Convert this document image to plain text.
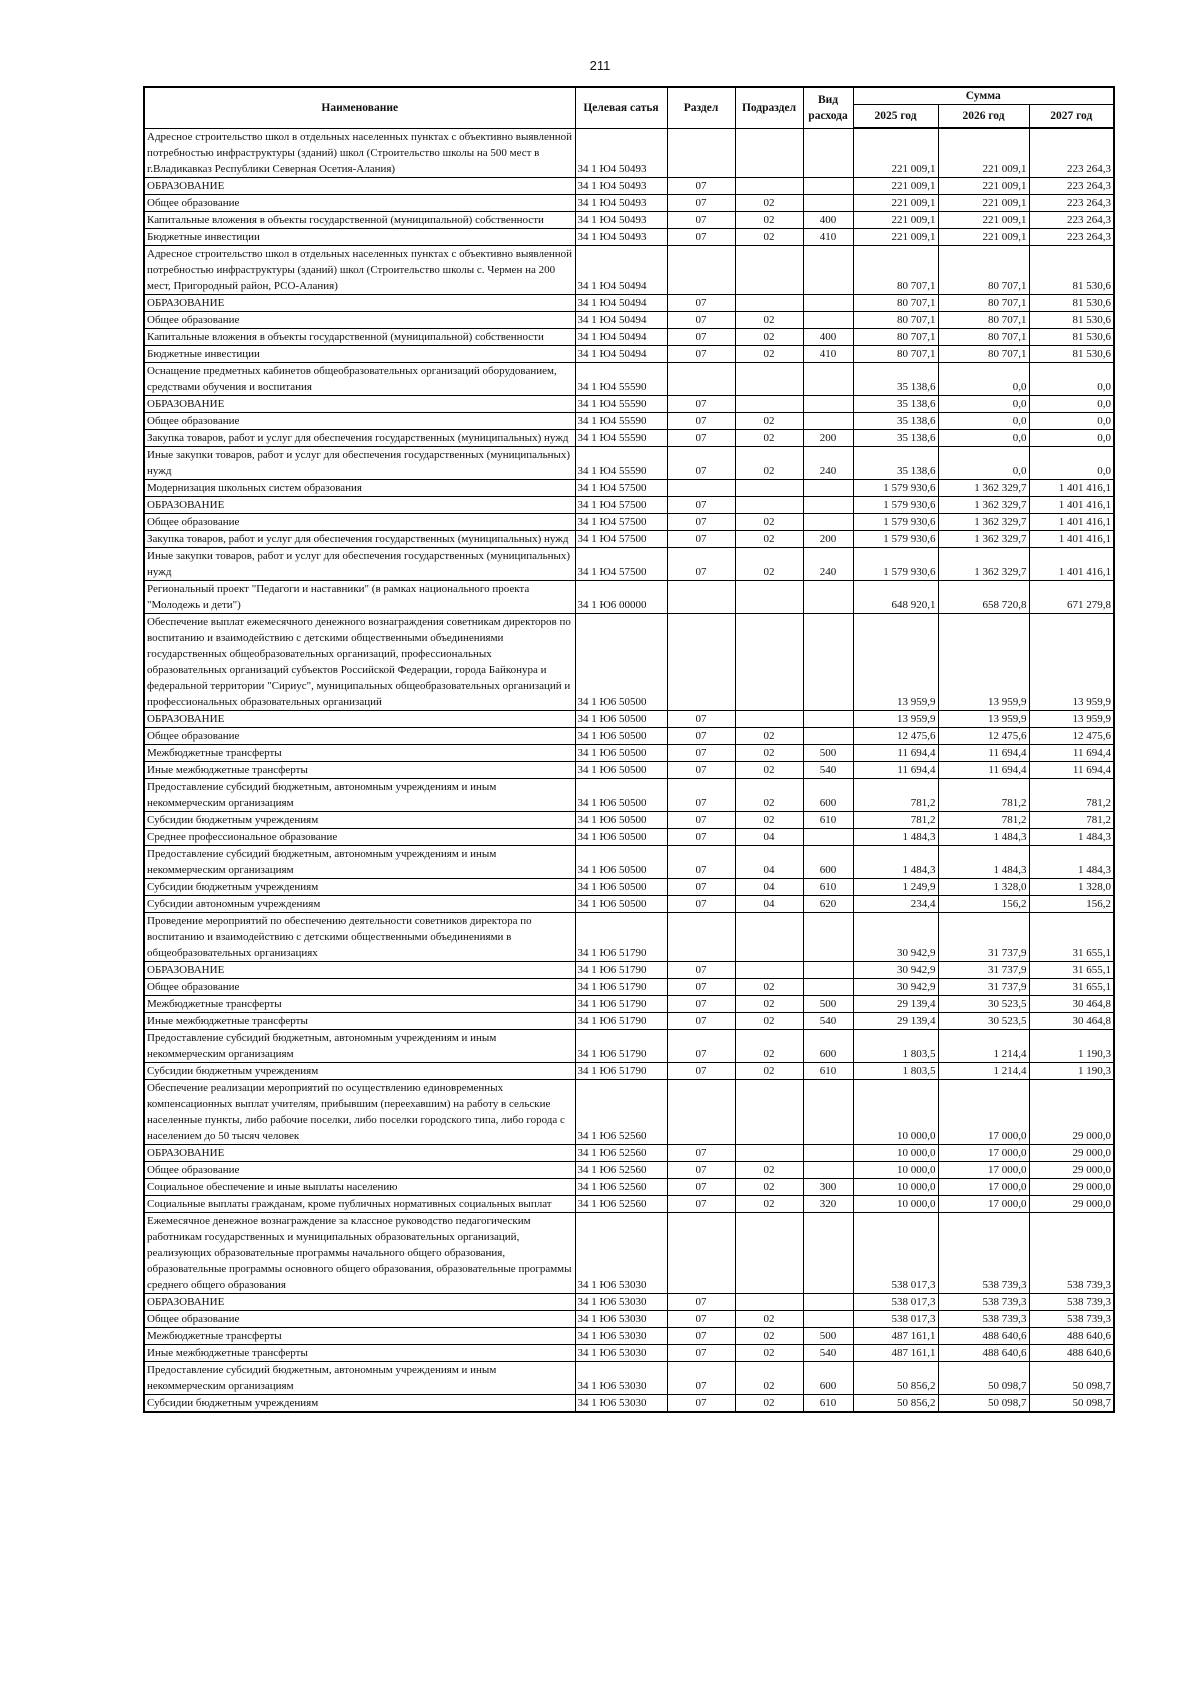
211
Наименование	Целевая сатья	Раздел	Подраздел	Вид расхода	Сумма		
					2025 год	2026 год	2027 год
Адресное строительство школ в отдельных населенных пунктах с объективно выявленной потребностью инфраструктуры (зданий) школ (Строительство школы на 500 мест в г.Владикавказ Республики Северная Осетия-Алания)	34 1 Ю4 50493				221 009,1	221 009,1	223 264,3
ОБРАЗОВАНИЕ	34 1 Ю4 50493	07			221 009,1	221 009,1	223 264,3
Общее образование	34 1 Ю4 50493	07	02		221 009,1	221 009,1	223 264,3
Капитальные вложения в объекты государственной (муниципальной) собственности	34 1 Ю4 50493	07	02	400	221 009,1	221 009,1	223 264,3
Бюджетные инвестиции	34 1 Ю4 50493	07	02	410	221 009,1	221 009,1	223 264,3
Адресное строительство школ в отдельных населенных пунктах с объективно выявленной потребностью инфраструктуры (зданий) школ (Строительство школы с. Чермен на 200 мест, Пригородный район, РСО-Алания)	34 1 Ю4 50494				80 707,1	80 707,1	81 530,6
ОБРАЗОВАНИЕ	34 1 Ю4 50494	07			80 707,1	80 707,1	81 530,6
Общее образование	34 1 Ю4 50494	07	02		80 707,1	80 707,1	81 530,6
Капитальные вложения в объекты государственной (муниципальной) собственности	34 1 Ю4 50494	07	02	400	80 707,1	80 707,1	81 530,6
Бюджетные инвестиции	34 1 Ю4 50494	07	02	410	80 707,1	80 707,1	81 530,6
Оснащение предметных кабинетов общеобразовательных организаций оборудованием, средствами обучения и воспитания	34 1 Ю4 55590				35 138,6	0,0	0,0
ОБРАЗОВАНИЕ	34 1 Ю4 55590	07			35 138,6	0,0	0,0
Общее образование	34 1 Ю4 55590	07	02		35 138,6	0,0	0,0
Закупка товаров, работ и услуг для обеспечения государственных (муниципальных) нужд	34 1 Ю4 55590	07	02	200	35 138,6	0,0	0,0
Иные закупки товаров, работ и услуг для обеспечения государственных (муниципальных) нужд	34 1 Ю4 55590	07	02	240	35 138,6	0,0	0,0
Модернизация школьных систем образования	34 1 Ю4 57500				1 579 930,6	1 362 329,7	1 401 416,1
ОБРАЗОВАНИЕ	34 1 Ю4 57500	07			1 579 930,6	1 362 329,7	1 401 416,1
Общее образование	34 1 Ю4 57500	07	02		1 579 930,6	1 362 329,7	1 401 416,1
Закупка товаров, работ и услуг для обеспечения государственных (муниципальных) нужд	34 1 Ю4 57500	07	02	200	1 579 930,6	1 362 329,7	1 401 416,1
Иные закупки товаров, работ и услуг для обеспечения государственных (муниципальных) нужд	34 1 Ю4 57500	07	02	240	1 579 930,6	1 362 329,7	1 401 416,1
Региональный проект "Педагоги и наставники" (в рамках национального проекта "Молодежь и дети")	34 1 Ю6 00000				648 920,1	658 720,8	671 279,8
Обеспечение выплат ежемесячного денежного вознаграждения советникам директоров по воспитанию и взаимодействию с детскими общественными объединениями государственных общеобразовательных организаций, профессиональных образовательных организаций субъектов Российской Федерации, города Байконура и федеральной территории "Сириус", муниципальных общеобразовательных организаций и профессиональных образовательных организаций	34 1 Ю6 50500				13 959,9	13 959,9	13 959,9
ОБРАЗОВАНИЕ	34 1 Ю6 50500	07			13 959,9	13 959,9	13 959,9
Общее образование	34 1 Ю6 50500	07	02		12 475,6	12 475,6	12 475,6
Межбюджетные трансферты	34 1 Ю6 50500	07	02	500	11 694,4	11 694,4	11 694,4
Иные межбюджетные трансферты	34 1 Ю6 50500	07	02	540	11 694,4	11 694,4	11 694,4
Предоставление субсидий бюджетным, автономным учреждениям и иным некоммерческим организациям	34 1 Ю6 50500	07	02	600	781,2	781,2	781,2
Субсидии бюджетным учреждениям	34 1 Ю6 50500	07	02	610	781,2	781,2	781,2
Среднее профессиональное образование	34 1 Ю6 50500	07	04		1 484,3	1 484,3	1 484,3
Предоставление субсидий бюджетным, автономным учреждениям и иным некоммерческим организациям	34 1 Ю6 50500	07	04	600	1 484,3	1 484,3	1 484,3
Субсидии бюджетным учреждениям	34 1 Ю6 50500	07	04	610	1 249,9	1 328,0	1 328,0
Субсидии автономным учреждениям	34 1 Ю6 50500	07	04	620	234,4	156,2	156,2
Проведение мероприятий по обеспечению деятельности советников директора по воспитанию и взаимодействию с детскими общественными объединениями в общеобразовательных организациях	34 1 Ю6 51790				30 942,9	31 737,9	31 655,1
ОБРАЗОВАНИЕ	34 1 Ю6 51790	07			30 942,9	31 737,9	31 655,1
Общее образование	34 1 Ю6 51790	07	02		30 942,9	31 737,9	31 655,1
Межбюджетные трансферты	34 1 Ю6 51790	07	02	500	29 139,4	30 523,5	30 464,8
Иные межбюджетные трансферты	34 1 Ю6 51790	07	02	540	29 139,4	30 523,5	30 464,8
Предоставление субсидий бюджетным, автономным учреждениям и иным некоммерческим организациям	34 1 Ю6 51790	07	02	600	1 803,5	1 214,4	1 190,3
Субсидии бюджетным учреждениям	34 1 Ю6 51790	07	02	610	1 803,5	1 214,4	1 190,3
Обеспечение реализации мероприятий по осуществлению единовременных компенсационных выплат учителям, прибывшим (переехавшим) на работу в сельские населенные пункты, либо рабочие поселки, либо поселки городского типа, либо города с населением до 50 тысяч человек	34 1 Ю6 52560				10 000,0	17 000,0	29 000,0
ОБРАЗОВАНИЕ	34 1 Ю6 52560	07			10 000,0	17 000,0	29 000,0
Общее образование	34 1 Ю6 52560	07	02		10 000,0	17 000,0	29 000,0
Социальное обеспечение и иные выплаты населению	34 1 Ю6 52560	07	02	300	10 000,0	17 000,0	29 000,0
Социальные выплаты гражданам, кроме публичных нормативных социальных выплат	34 1 Ю6 52560	07	02	320	10 000,0	17 000,0	29 000,0
Ежемесячное денежное вознаграждение за классное руководство педагогическим работникам государственных и муниципальных образовательных организаций, реализующих образовательные программы начального общего образования, образовательные программы основного общего образования, образовательные программы среднего общего образования	34 1 Ю6 53030				538 017,3	538 739,3	538 739,3
ОБРАЗОВАНИЕ	34 1 Ю6 53030	07			538 017,3	538 739,3	538 739,3
Общее образование	34 1 Ю6 53030	07	02		538 017,3	538 739,3	538 739,3
Межбюджетные трансферты	34 1 Ю6 53030	07	02	500	487 161,1	488 640,6	488 640,6
Иные межбюджетные трансферты	34 1 Ю6 53030	07	02	540	487 161,1	488 640,6	488 640,6
Предоставление субсидий бюджетным, автономным учреждениям и иным некоммерческим организациям	34 1 Ю6 53030	07	02	600	50 856,2	50 098,7	50 098,7
Субсидии бюджетным учреждениям	34 1 Ю6 53030	07	02	610	50 856,2	50 098,7	50 098,7
